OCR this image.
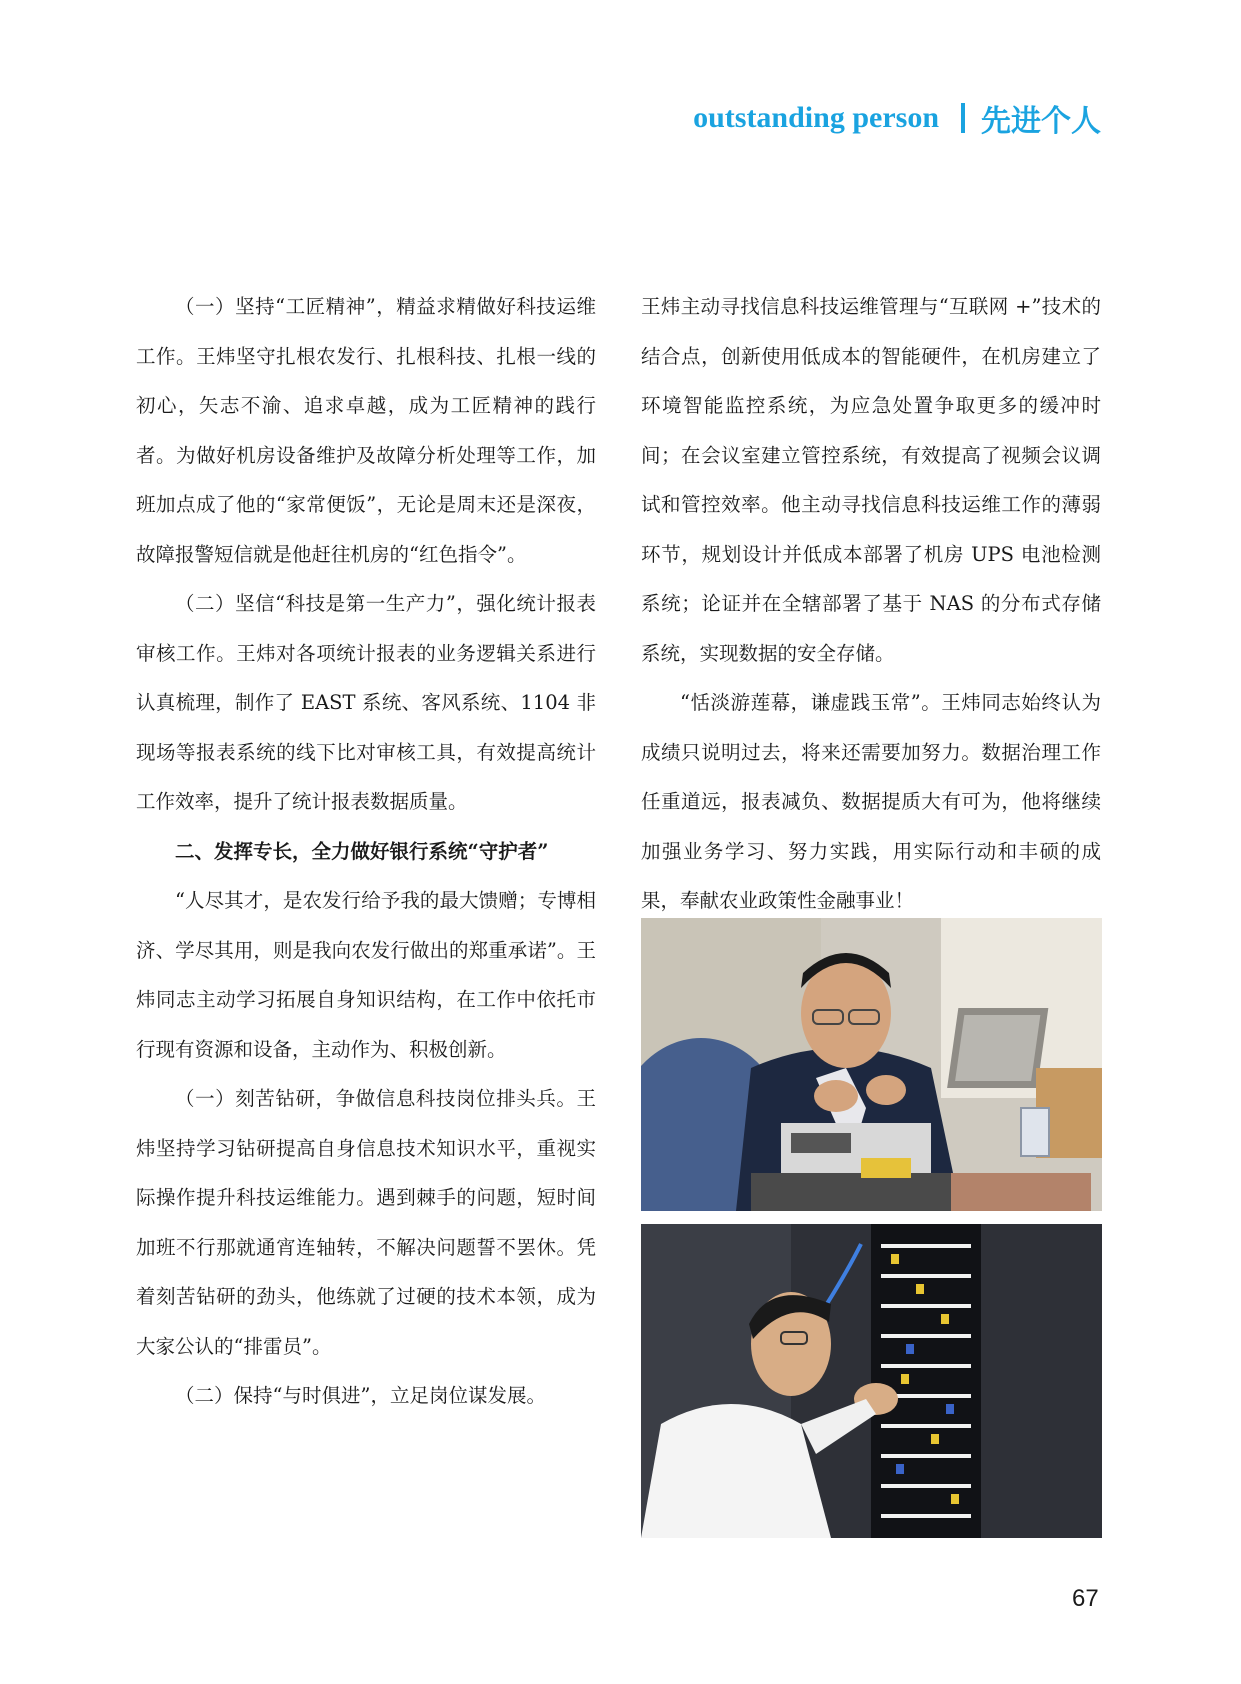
outstanding person 先进个人

（一）坚持“工匠精神”，精益求精做好科技运维工作。王炜坚守扎根农发行、扎根科技、扎根一线的初心，矢志不渝、追求卓越，成为工匠精神的践行者。为做好机房设备维护及故障分析处理等工作，加班加点成了他的“家常便饭”，无论是周末还是深夜，故障报警短信就是他赶往机房的“红色指令”。

（二）坚信“科技是第一生产力”，强化统计报表审核工作。王炜对各项统计报表的业务逻辑关系进行认真梳理，制作了 EAST 系统、客风系统、1104 非现场等报表系统的线下比对审核工具，有效提高统计工作效率，提升了统计报表数据质量。

二、发挥专长，全力做好银行系统“守护者”

“人尽其才，是农发行给予我的最大馈赠；专博相济、学尽其用，则是我向农发行做出的郑重承诺”。王炜同志主动学习拓展自身知识结构，在工作中依托市行现有资源和设备，主动作为、积极创新。

（一）刻苦钻研，争做信息科技岗位排头兵。王炜坚持学习钻研提高自身信息技术知识水平，重视实际操作提升科技运维能力。遇到棘手的问题，短时间加班不行那就通宵连轴转，不解决问题誓不罢休。凭着刻苦钻研的劲头，他练就了过硬的技术本领，成为大家公认的“排雷员”。

（二）保持“与时俱进”，立足岗位谋发展。

王炜主动寻找信息科技运维管理与“互联网 +”技术的结合点，创新使用低成本的智能硬件，在机房建立了环境智能监控系统，为应急处置争取更多的缓冲时间；在会议室建立管控系统，有效提高了视频会议调试和管控效率。他主动寻找信息科技运维工作的薄弱环节，规划设计并低成本部署了机房 UPS 电池检测系统；论证并在全辖部署了基于 NAS 的分布式存储系统，实现数据的安全存储。

“恬淡游莲幕，谦虚践玉常”。王炜同志始终认为成绩只说明过去，将来还需要加努力。数据治理工作任重道远，报表减负、数据提质大有可为，他将继续加强业务学习、努力实践，用实际行动和丰硕的成果，奉献农业政策性金融事业！

67
